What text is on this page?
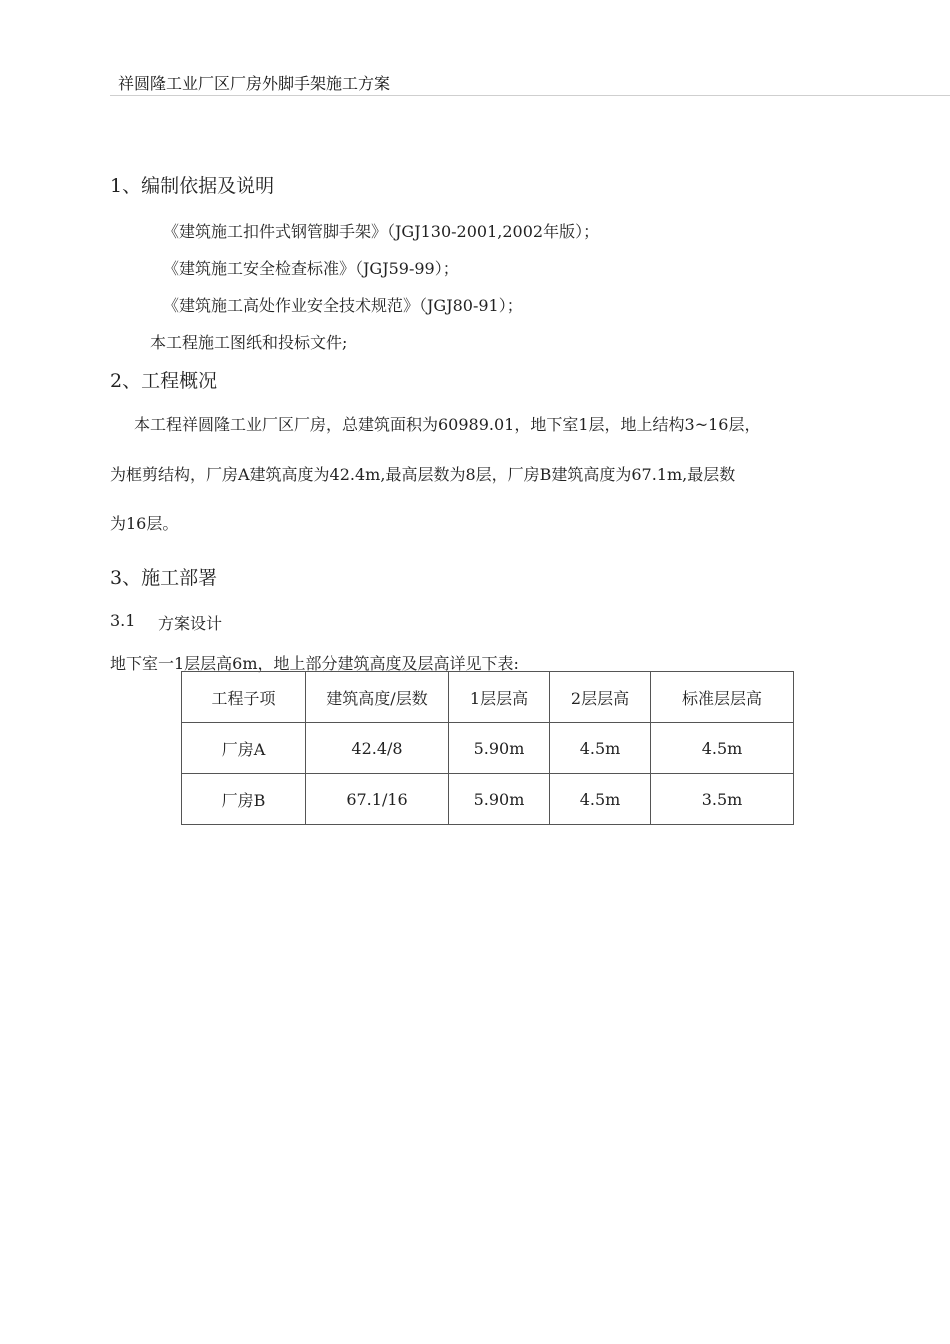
祥圆隆工业厂区厂房外脚手架施工方案
1、编制依据及说明
《建筑施工扣件式钢管脚手架》（JGJ130-2001,2002年版）；
《建筑施工安全检查标准》（JGJ59-99）；
《建筑施工高处作业安全技术规范》（JGJ80-91）；
本工程施工图纸和投标文件;
2、工程概况
本工程祥圆隆工业厂区厂房，总建筑面积为60989.01，地下室1层，地上结构3~16层，
为框剪结构，厂房A建筑高度为42.4m,最高层数为8层，厂房B建筑高度为67.1m,最层数
为16层。
3、施工部署
3.1 方案设计
地下室一1层层高6m，地上部分建筑高度及层高详见下表:
工程子项	建筑高度/层数	1层层高	2层层高	标准层层高
厂房A	42.4/8	5.90m	4.5m	4.5m
厂房B	67.1/16	5.90m	4.5m	3.5m
